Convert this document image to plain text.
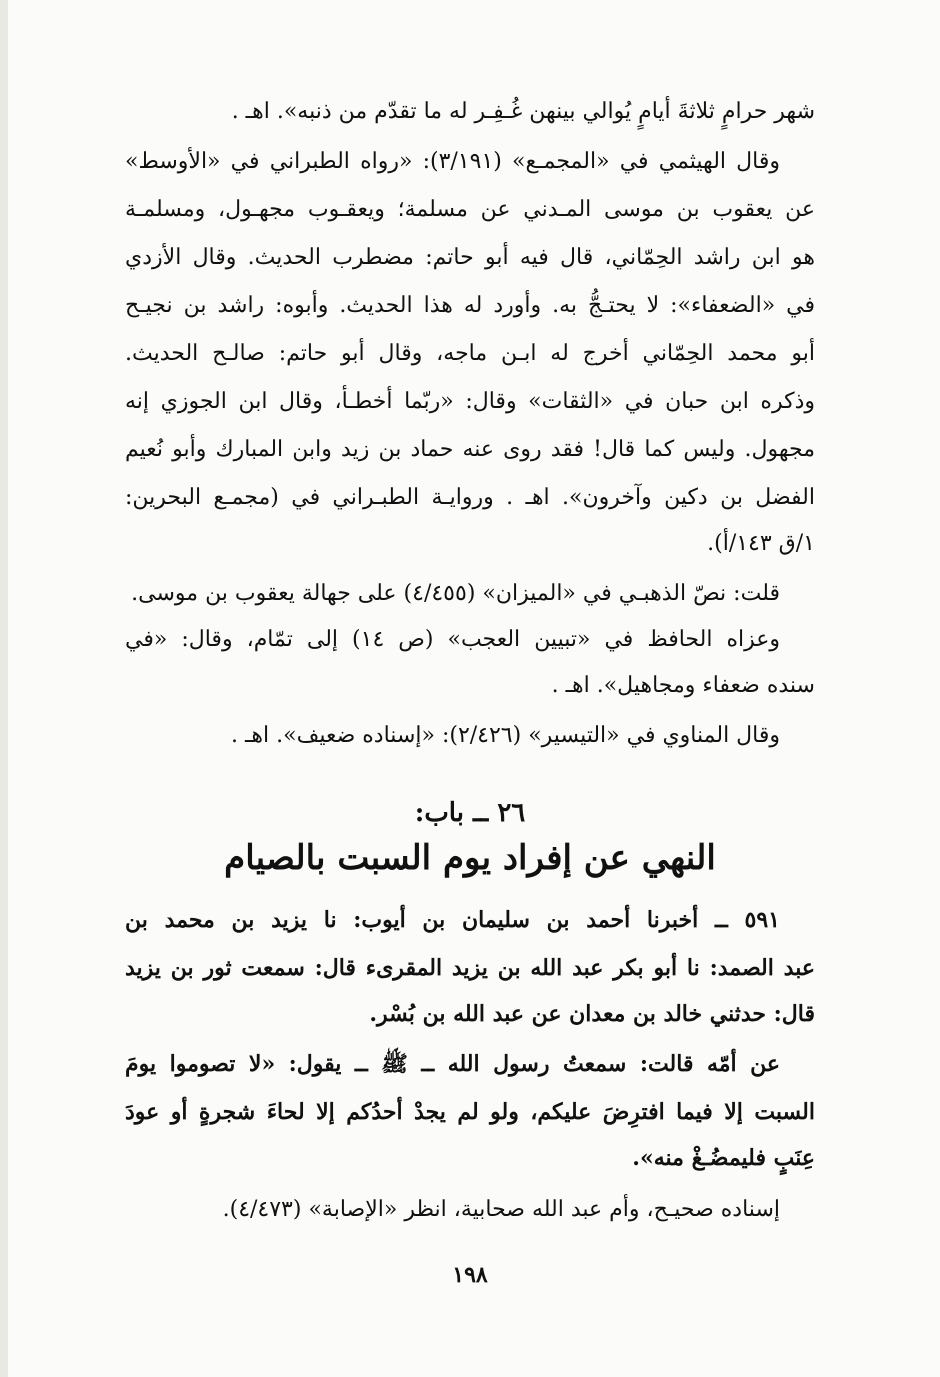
شهر حرامٍ ثلاثةَ أيامٍ يُوالي بينهن غُـفِـر له ما تقدّم من ذنبه». اهـ .
وقال الهيثمي في «المجمـع» (٣/١٩١): «رواه الطبراني في «الأوسط»
عن يعقوب بن موسى المـدني عن مسلمة؛ ويعقـوب مجهـول، ومسلمـة
هو ابن راشد الحِمّاني، قال فيه أبو حاتم: مضطرب الحديث. وقال الأزدي
في «الضعفاء»: لا يحتـجُّ به. وأورد له هذا الحديث. وأبوه: راشد بن نجيـح
أبو محمد الحِمّاني أخرج له ابـن ماجه، وقال أبو حاتم: صالـح الحديث.
وذكره ابن حبان في «الثقات» وقال: «ربّما أخطـأ، وقال ابن الجوزي إنه
مجهول. وليس كما قال! فقد روى عنه حماد بن زيد وابن المبارك وأبو نُعيم
الفضل بن دكين وآخرون». اهـ . وروايـة الطبـراني في (مجمـع البحرين:
١/ق ١٤٣/أ).
قلت: نصّ الذهبـي في «الميزان» (٤/٤٥٥) على جهالة يعقوب بن موسى.
وعزاه الحافظ في «تبيين العجب» (ص ١٤) إلى تمّام، وقال: «في
سنده ضعفاء ومجاهيل». اهـ .
وقال المناوي في «التيسير» (٢/٤٢٦): «إسناده ضعيف». اهـ .
٢٦ ــ باب:
النهي عن إفراد يوم السبت بالصيام
٥٩١ ــ أخبرنا أحمد بن سليمان بن أيوب: نا يزيد بن محمد بن
عبد الصمد: نا أبو بكر عبد الله بن يزيد المقرىء قال: سمعت ثور بن يزيد
قال: حدثني خالد بن معدان عن عبد الله بن بُسْر.
عن أمّه قالت: سمعتُ رسول الله ــ ﷺ ــ يقول: «لا تصوموا يومَ
السبت إلا فيما افترِضَ عليكم، ولو لم يجدْ أحدُكم إلا لحاءَ شجرةٍ أو عودَ
عِنَبٍ فليمضُـغْ منه».
إسناده صحيـح، وأم عبد الله صحابية، انظر «الإصابة» (٤/٤٧٣).
١٩٨
